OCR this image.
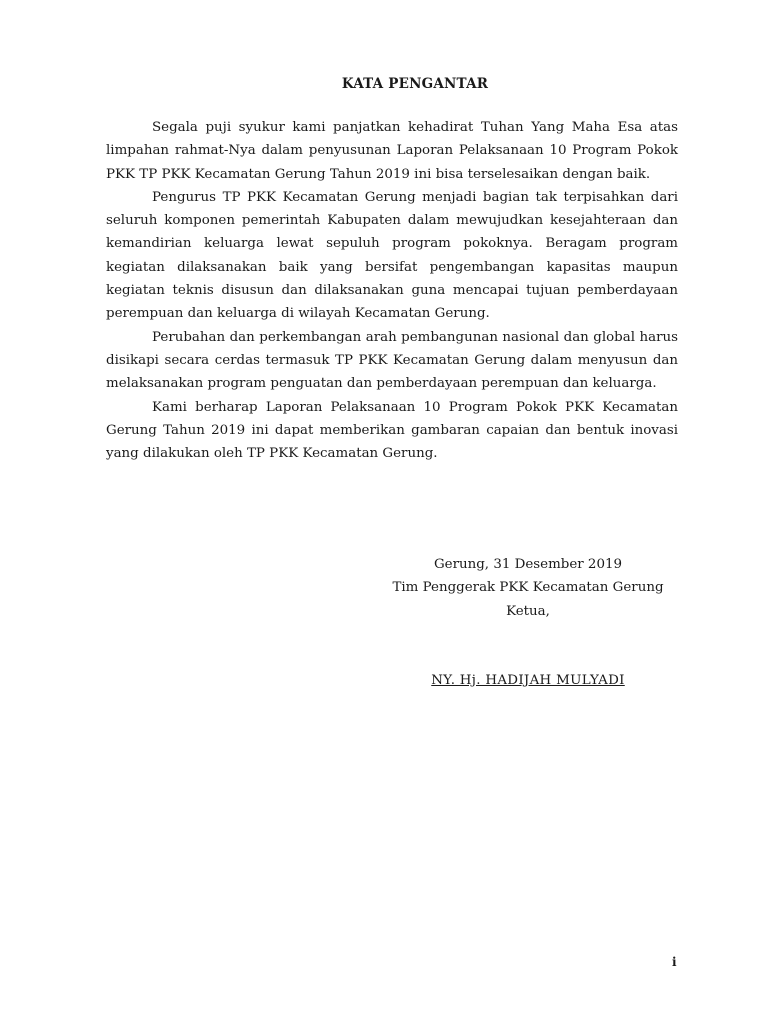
KATA PENGANTAR

Segala puji syukur kami panjatkan kehadirat Tuhan Yang Maha Esa atas limpahan rahmat-Nya dalam penyusunan Laporan Pelaksanaan 10 Program Pokok PKK TP PKK Kecamatan Gerung Tahun 2019 ini bisa terselesaikan dengan baik.

Pengurus TP PKK Kecamatan Gerung menjadi bagian tak terpisahkan dari seluruh komponen pemerintah Kabupaten dalam mewujudkan kesejahteraan dan kemandirian keluarga lewat sepuluh program pokoknya. Beragam program kegiatan dilaksanakan baik yang bersifat pengembangan kapasitas maupun kegiatan teknis disusun dan dilaksanakan guna mencapai tujuan pemberdayaan perempuan dan keluarga di wilayah Kecamatan Gerung.

Perubahan dan perkembangan arah pembangunan nasional dan global harus disikapi secara cerdas termasuk TP PKK Kecamatan Gerung dalam menyusun dan melaksanakan program penguatan dan pemberdayaan perempuan dan keluarga.

Kami berharap Laporan Pelaksanaan 10 Program Pokok PKK Kecamatan Gerung Tahun 2019 ini dapat memberikan gambaran capaian dan bentuk inovasi yang dilakukan oleh TP PKK Kecamatan Gerung.

Gerung, 31 Desember 2019
Tim Penggerak PKK Kecamatan Gerung
Ketua,
NY. Hj. HADIJAH MULYADI
i
